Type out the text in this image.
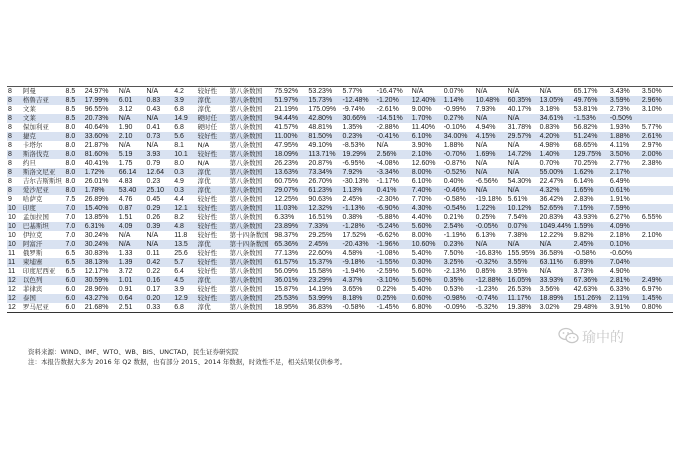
8	阿曼	8.5	24.97%	N/A	N/A	4.2	较好性	第八条数国	75.92%	53.23%	5.77%	-16.47%	N/A	0.07%	N/A	N/A	N/A	65.17%	3.43%	3.50%
8	格鲁吉亚	8.5	17.99%	6.01	0.83	3.9	淳优	第八条数国	51.97%	15.73%	-12.48%	-1.20%	12.40%	1.14%	10.48%	60.35%	13.05%	49.76%	3.59%	2.96%
8	文莱	8.5	96.55%	3.12	0.43	6.8	淳优	第八条数国	21.19%	175.09%	-9.74%	-2.61%	9.00%	-0.99%	7.93%	40.17%	3.18%	53.81%	2.73%	3.10%
8	文莱	8.5	20.73%	N/A	N/A	14.9	硬时任	第八条数国	94.44%	42.80%	30.66%	-14.51%	1.70%	0.27%	N/A	N/A	34.61%	-1.53%	-0.50%	
8	保加利亚	8.0	40.64%	1.90	0.41	6.8	硬时任	第八条数国	41.57%	48.81%	1.35%	-2.88%	11.40%	-0.10%	4.94%	31.78%	0.83%	56.82%	1.93%	5.77%
8	捷克	8.0	33.60%	2.10	0.73	5.6	较好性	第八条数国	11.00%	81.50%	0.23%	-0.41%	6.10%	34.00%	4.15%	29.57%	4.20%	51.24%	1.88%	2.61%
8	卡塔尔	8.0	21.87%	N/A	N/A	8.1	N/A	第八条数国	47.95%	49.10%	-8.53%	N/A	3.90%	1.88%	N/A	N/A	4.98%	68.65%	4.11%	2.97%
8	斯洛伐克	8.0	81.60%	5.19	3.93	10.1	较好性	第八条数国	18.09%	113.71%	19.29%	2.56%	2.10%	-0.70%	1.69%	14.72%	1.40%	129.75%	3.50%	2.00%
8	约旦	8.0	40.41%	1.75	0.79	8.0	N/A	第八条数国	26.23%	20.87%	-6.95%	-4.08%	12.60%	-0.87%	N/A	N/A	0.70%	70.25%	2.77%	2.38%
8	斯洛文尼亚	8.0	1.72%	66.14	12.64	0.3	淳优	第八条数国	13.63%	73.34%	7.92%	-3.34%	8.00%	-0.52%	N/A	N/A	55.00%	1.62%	2.17%	
8	吉尔吉斯斯坦	8.0	26.01%	4.83	0.23	4.9	淳优	第八条数国	60.75%	26.70%	-30.13%	-1.17%	6.10%	0.40%	-6.56%	54.30%	22.47%	6.14%	6.49%	
8	爱沙尼亚	8.0	1.78%	53.40	25.10	0.3	淳优	第八条数国	29.07%	61.23%	1.13%	0.41%	7.40%	-0.46%	N/A	N/A	4.32%	1.65%	0.61%	
9	哈萨克	7.5	26.89%	4.76	0.45	4.4	较好性	第八条数国	12.25%	90.63%	2.45%	-2.30%	7.70%	-0.58%	-19.18%	5.61%	36.42%	2.83%	1.91%	
10	印度	7.0	15.40%	0.87	0.29	12.1	较好性	第八条数国	11.03%	12.32%	-1.13%	-6.90%	4.30%	-0.54%	1.22%	10.12%	52.65%	7.15%	7.59%	
10	孟加拉国	7.0	13.85%	1.51	0.26	8.2	较好性	第八条数国	6.33%	16.51%	0.38%	-5.88%	4.40%	0.21%	0.25%	7.54%	20.83%	43.93%	6.27%	6.55%
10	巴基斯坦	7.0	6.31%	4.09	0.39	4.8	较好性	第八条数国	23.89%	7.33%	-1.28%	-5.24%	5.60%	2.54%	-0.05%	0.07%	1049.44%	1.59%	4.09%	
10	伊拉克	7.0	30.24%	N/A	N/A	11.8	较好性	第十四条数国	98.37%	29.25%	17.52%	-6.62%	8.00%	-1.19%	6.13%	7.38%	12.22%	9.82%	2.18%	2.10%
10	阿富汗	7.0	30.24%	N/A	N/A	13.5	淳优	第十四条数国	65.36%	2.45%	-20.43%	-1.96%	10.60%	0.23%	N/A	N/A	N/A	2.45%	0.10%	
11	俄罗斯	6.5	30.83%	1.33	0.11	25.6	较好性	第八条数国	77.13%	22.60%	4.58%	-1.08%	5.40%	7.50%	-16.83%	155.95%	36.58%	-0.58%	-0.60%	
11	柬埔寨	6.5	38.13%	1.39	0.42	5.7	较好性	第八条数国	61.57%	15.37%	-9.18%	-1.55%	0.30%	3.25%	-0.32%	3.55%	63.11%	6.89%	7.04%	
11	印度尼西亚	6.5	12.17%	3.72	0.22	6.4	较好性	第八条数国	56.09%	15.58%	-1.94%	-2.59%	5.60%	-2.13%	0.85%	3.95%	N/A	3.73%	4.90%	
12	以色列	6.0	30.59%	1.01	0.16	4.5	淳优	第八条数国	36.01%	23.29%	4.37%	-3.10%	5.60%	0.35%	-12.88%	16.05%	33.93%	67.36%	2.81%	2.49%
12	菲律宾	6.0	28.96%	0.91	0.17	3.9	较好性	第八条数国	15.87%	14.19%	3.65%	0.22%	5.40%	0.53%	-1.23%	26.53%	3.56%	42.63%	6.33%	6.97%
12	泰国	6.0	43.27%	0.64	0.20	12.9	较好性	第八条数国	25.53%	53.99%	8.18%	0.25%	0.60%	-0.98%	-0.74%	11.17%	18.89%	151.26%	2.11%	1.45%
12	罗马尼亚	6.0	21.68%	2.51	0.33	6.8	淳优	第八条数国	18.95%	36.83%	-0.58%	-1.45%	6.80%	-0.09%	-5.32%	19.38%	3.02%	29.48%	3.91%	0.80%
资料来源：WIND、IMF、WTO、WB、BIS、UNCTAD，民生证券研究院
注：本报告数据大多为 2016 年 Q2 数据，也有部分 2015、2014 年数据，时效性不足，相关结果仅供参考。
瑜中的
